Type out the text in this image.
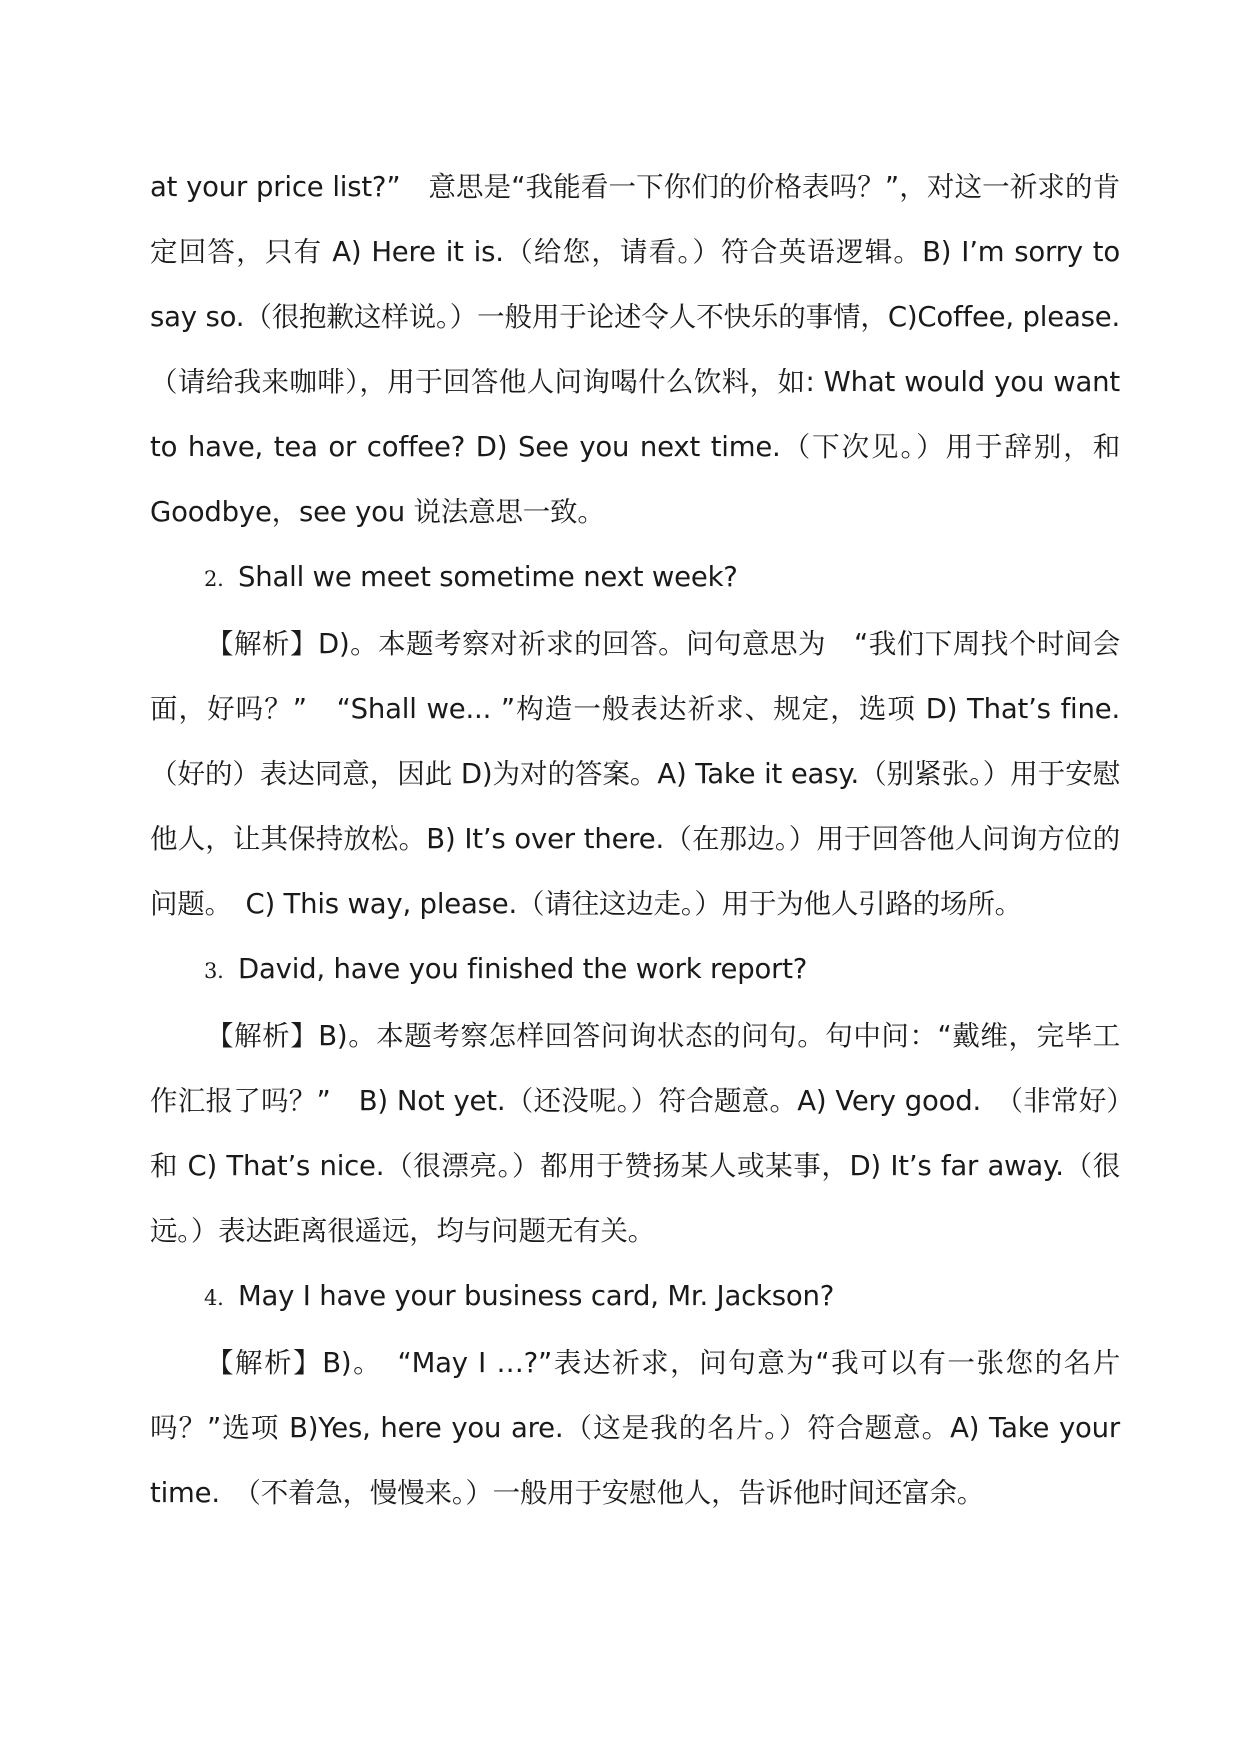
at your price list?”　意思是“我能看一下你们的价格表吗？”，对这一祈求的肯定回答，只有 A) Here it is.（给您，请看。）符合英语逻辑。B) I’m sorry to say so.（很抱歉这样说。）一般用于论述令人不快乐的事情，C)Coffee, please.（请给我来咖啡），用于回答他人问询喝什么饮料，如: What would you want to have, tea or coffee? D) See you next time.（下次见。）用于辞别，和 Goodbye，see you 说法意思一致。

2. Shall we meet sometime next week?

【解析】D)。本题考察对祈求的回答。问句意思为　“我们下周找个时间会面，好吗？”　“Shall we... ”构造一般表达祈求、规定，选项 D) That’s fine.（好的）表达同意，因此 D)为对的答案。A) Take it easy.（别紧张。）用于安慰他人，让其保持放松。B) It’s over there.（在那边。）用于回答他人问询方位的问题。　C) This way, please.（请往这边走。）用于为他人引路的场所。

3. David, have you finished the work report?

【解析】B)。本题考察怎样回答问询状态的问句。句中问：“戴维，完毕工作汇报了吗？”　B) Not yet.（还没呢。）符合题意。A) Very good.　（非常好）和 C) That’s nice.（很漂亮。）都用于赞扬某人或某事，D) It’s far away.（很远。）表达距离很遥远，均与问题无有关。

4. May I have your business card, Mr. Jackson?

【解析】B)。　“May I …?”表达祈求，问句意为“我可以有一张您的名片吗？”选项 B)Yes, here you are.（这是我的名片。）符合题意。A) Take your time.　（不着急，慢慢来。）一般用于安慰他人，告诉他时间还富余。
